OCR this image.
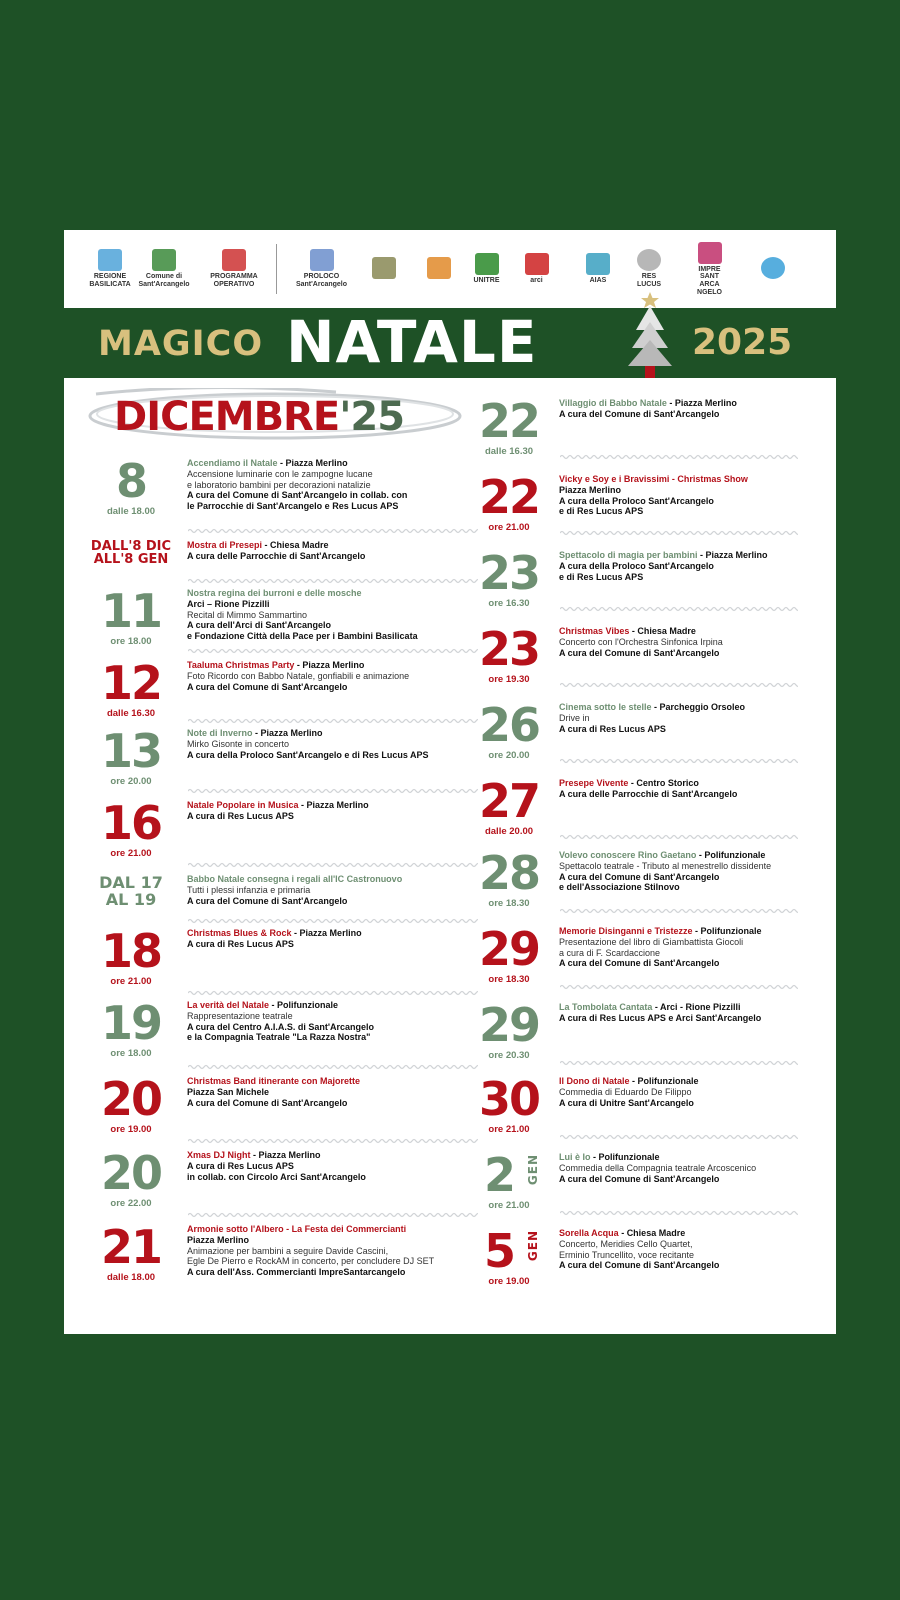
REGIONE
BASILICATA
Comune di
Sant'Arcangelo
PROGRAMMA
OPERATIVO
PROLOCO
Sant'Arcangelo
UNITRE	arci	AIAS
RES
LUCUS
IMPRE
SANT
ARCA
NGELO
MAGICO NATALE	2025
DICEMBRE'25
8
dalle 18.00
Accendiamo il Natale - Piazza Merlino
Accensione luminarie con le zampogne lucane
e laboratorio bambini per decorazioni natalizie
A cura del Comune di Sant'Arcangelo in collab. con
le Parrocchie di Sant'Arcangelo e Res Lucus APS
DALL'8 DIC
ALL'8 GEN
Mostra di Presepi - Chiesa Madre
A cura delle Parrocchie di Sant'Arcangelo
11
ore 18.00
Nostra regina dei burroni e delle mosche
Arci – Rione Pizzilli
Recital di Mimmo Sammartino
A cura dell'Arci di Sant'Arcangelo
e Fondazione Città della Pace per i Bambini Basilicata
12
dalle 16.30
Taaluma Christmas Party - Piazza Merlino
Foto Ricordo con Babbo Natale, gonfiabili e animazione
A cura del Comune di Sant'Arcangelo
13
ore 20.00
Note di Inverno - Piazza Merlino
Mirko Gisonte in concerto
A cura della Proloco Sant'Arcangelo e di Res Lucus APS
16
ore 21.00
Natale Popolare in Musica - Piazza Merlino
A cura di Res Lucus APS
DAL 17
AL 19
Babbo Natale consegna i regali all'IC Castronuovo
Tutti i plessi infanzia e primaria
A cura del Comune di Sant'Arcangelo
18
ore 21.00
Christmas Blues & Rock - Piazza Merlino
A cura di Res Lucus APS
19
ore 18.00
La verità del Natale - Polifunzionale
Rappresentazione teatrale
A cura del Centro A.I.A.S. di Sant'Arcangelo
e la Compagnia Teatrale "La Razza Nostra"
20
ore 19.00
Christmas Band itinerante con Majorette
Piazza San Michele
A cura del Comune di Sant'Arcangelo
20
ore 22.00
Xmas DJ Night - Piazza Merlino
A cura di Res Lucus APS
in collab. con Circolo Arci Sant'Arcangelo
21
dalle 18.00
Armonie sotto l'Albero - La Festa dei Commercianti
Piazza Merlino
Animazione per bambini a seguire Davide Cascini,
Egle De Pierro e RockAM in concerto, per concludere DJ SET
A cura dell'Ass. Commercianti ImpreSantarcangelo
22
dalle 16.30
Villaggio di Babbo Natale - Piazza Merlino
A cura del Comune di Sant'Arcangelo
22
ore 21.00
Vicky e Soy e i Bravissimi - Christmas Show
Piazza Merlino
A cura della Proloco Sant'Arcangelo
e di Res Lucus APS
23
ore 16.30
Spettacolo di magia per bambini - Piazza Merlino
A cura della Proloco Sant'Arcangelo
e di Res Lucus APS
23
ore 19.30
Christmas Vibes - Chiesa Madre
Concerto con l'Orchestra Sinfonica Irpina
A cura del Comune di Sant'Arcangelo
26
ore 20.00
Cinema sotto le stelle - Parcheggio Orsoleo
Drive in
A cura di Res Lucus APS
27
dalle 20.00
Presepe Vivente - Centro Storico
A cura delle Parrocchie di Sant'Arcangelo
28
ore 18.30
Volevo conoscere Rino Gaetano - Polifunzionale
Spettacolo teatrale - Tributo al menestrello dissidente
A cura del Comune di Sant'Arcangelo
e dell'Associazione Stilnovo
29
ore 18.30
Memorie Disinganni e Tristezze - Polifunzionale
Presentazione del libro di Giambattista Giocoli
a cura di F. Scardaccione
A cura del Comune di Sant'Arcangelo
29
ore 20.30
La Tombolata Cantata - Arci - Rione Pizzilli
A cura di Res Lucus APS e Arci Sant'Arcangelo
30
ore 21.00
Il Dono di Natale - Polifunzionale
Commedia di Eduardo De Filippo
A cura di Unitre Sant'Arcangelo
2	GEN
ore 21.00
Lui è Io - Polifunzionale
Commedia della Compagnia teatrale Arcoscenico
A cura del Comune di Sant'Arcangelo
5	GEN
ore 19.00
Sorella Acqua - Chiesa Madre
Concerto, Meridies Cello Quartet,
Erminio Truncellito, voce recitante
A cura del Comune di Sant'Arcangelo
